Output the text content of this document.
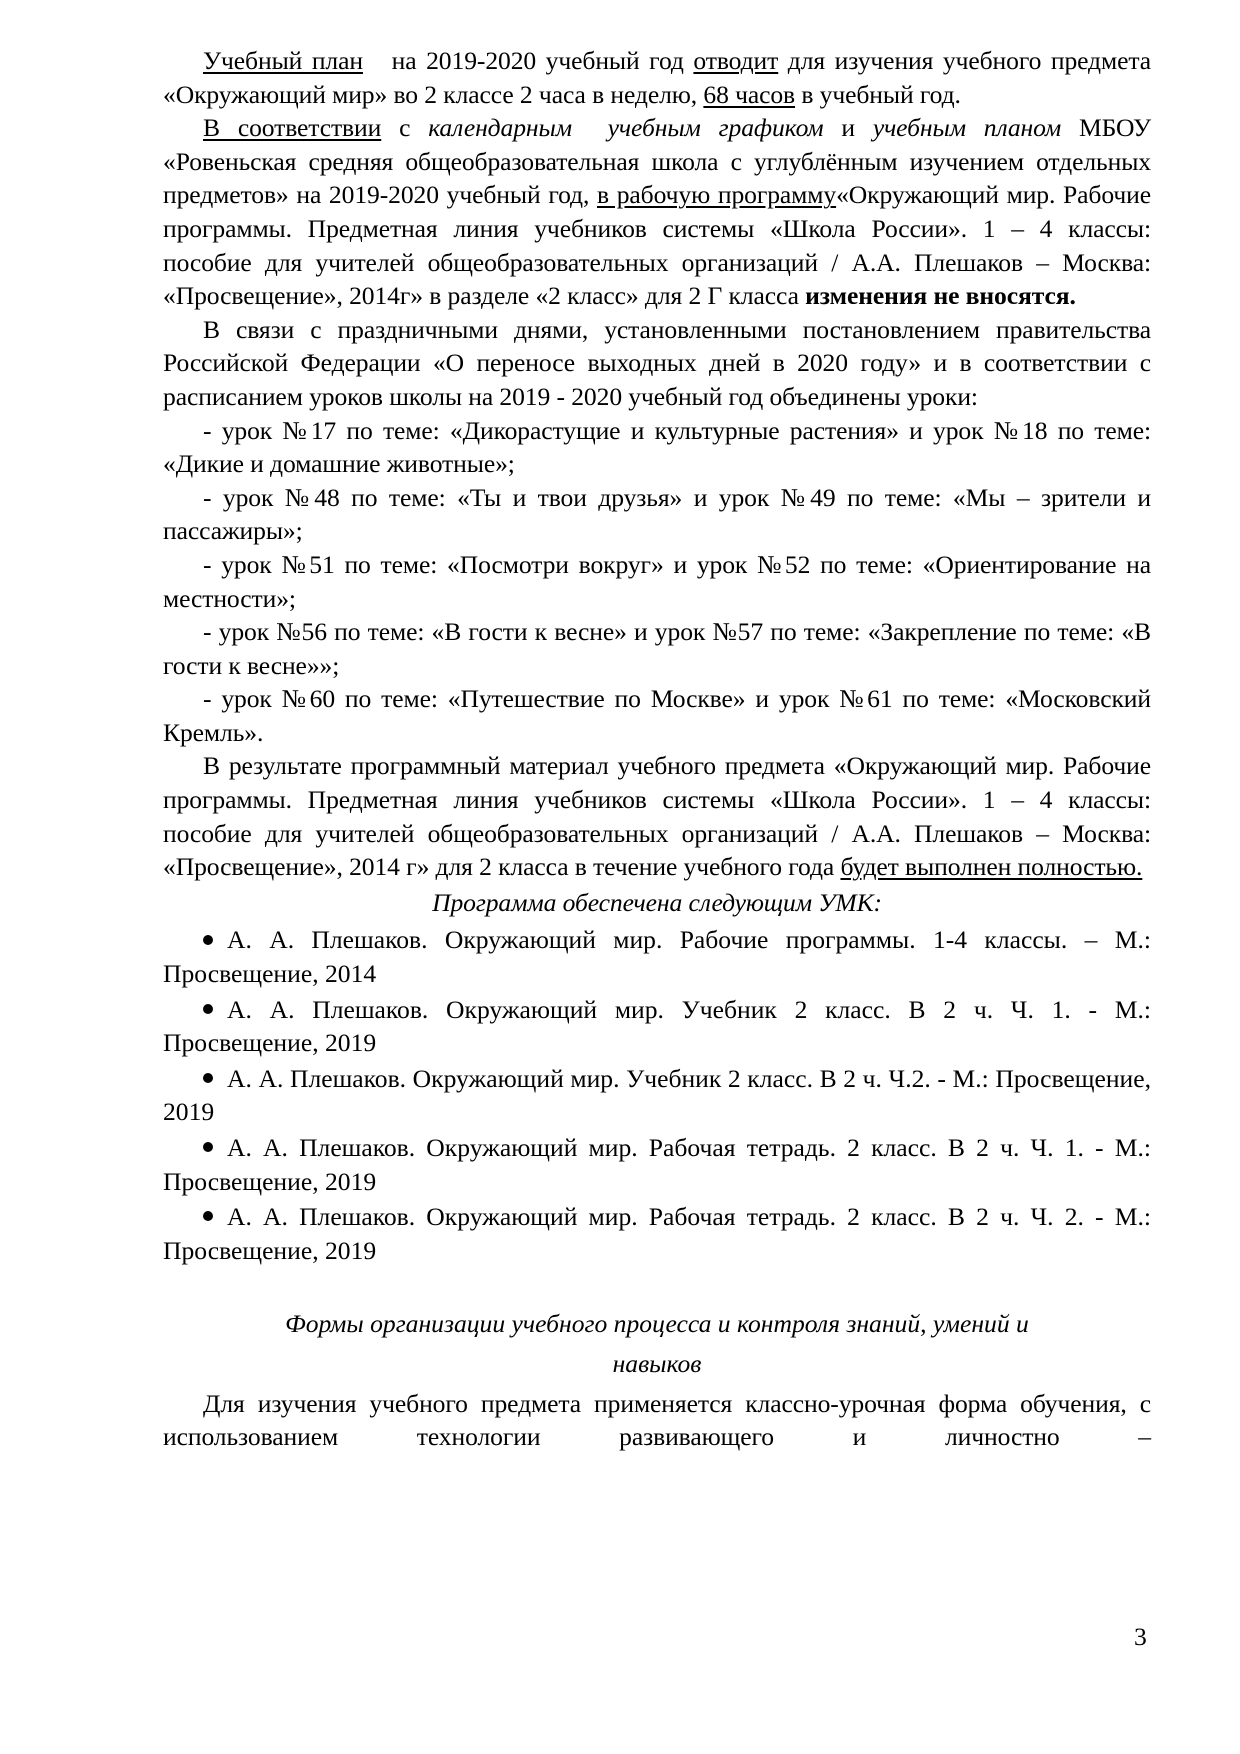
Учебный план   на 2019-2020 учебный год отводит для изучения учебного предмета «Окружающий мир» во 2 классе 2 часа в неделю, 68 часов в учебный год.

В соответствии с календарным  учебным графиком и учебным планом МБОУ «Ровеньская средняя общеобразовательная школа с углублённым изучением отдельных предметов» на 2019-2020 учебный год, в рабочую программу«Окружающий мир. Рабочие программы. Предметная линия учебников системы «Школа России». 1 – 4 классы: пособие для учителей общеобразовательных организаций / А.А. Плешаков – Москва: «Просвещение», 2014г» в разделе «2 класс» для 2 Г класса изменения не вносятся.

В связи с праздничными днями, установленными постановлением правительства Российской Федерации «О переносе выходных дней в 2020 году» и в соответствии с расписанием уроков школы на 2019 - 2020 учебный год объединены уроки:

- урок №17 по теме: «Дикорастущие и культурные растения» и урок №18 по теме: «Дикие и домашние животные»;

- урок №48 по теме: «Ты и твои друзья» и урок №49 по теме: «Мы – зрители и пассажиры»;

- урок №51 по теме: «Посмотри вокруг» и урок №52 по теме: «Ориентирование на местности»;

- урок №56 по теме: «В гости к весне» и урок №57 по теме: «Закрепление по теме: «В гости к весне»»;

- урок №60 по теме: «Путешествие по Москве» и урок №61 по теме: «Московский Кремль».

В результате программный материал учебного предмета «Окружающий мир. Рабочие программы. Предметная линия учебников системы «Школа России». 1 – 4 классы: пособие для учителей общеобразовательных организаций / А.А. Плешаков – Москва: «Просвещение», 2014 г» для 2 класса в течение учебного года будет выполнен полностью.

Программа обеспечена следующим УМК:

А. А. Плешаков. Окружающий мир. Рабочие программы. 1-4 классы. – М.: Просвещение, 2014

А. А. Плешаков. Окружающий мир. Учебник 2 класс. В 2 ч. Ч. 1. - М.: Просвещение, 2019

А. А. Плешаков. Окружающий мир. Учебник 2 класс. В 2 ч. Ч.2. - М.: Просвещение, 2019

А. А. Плешаков. Окружающий мир. Рабочая тетрадь. 2 класс. В 2 ч. Ч. 1. - М.: Просвещение, 2019

А. А. Плешаков. Окружающий мир. Рабочая тетрадь. 2 класс. В 2 ч. Ч. 2. - М.: Просвещение, 2019

Формы организации учебного процесса и контроля знаний, умений и

навыков

Для изучения учебного предмета применяется классно-урочная форма обучения, с использованием технологии развивающего и личностно –

3
